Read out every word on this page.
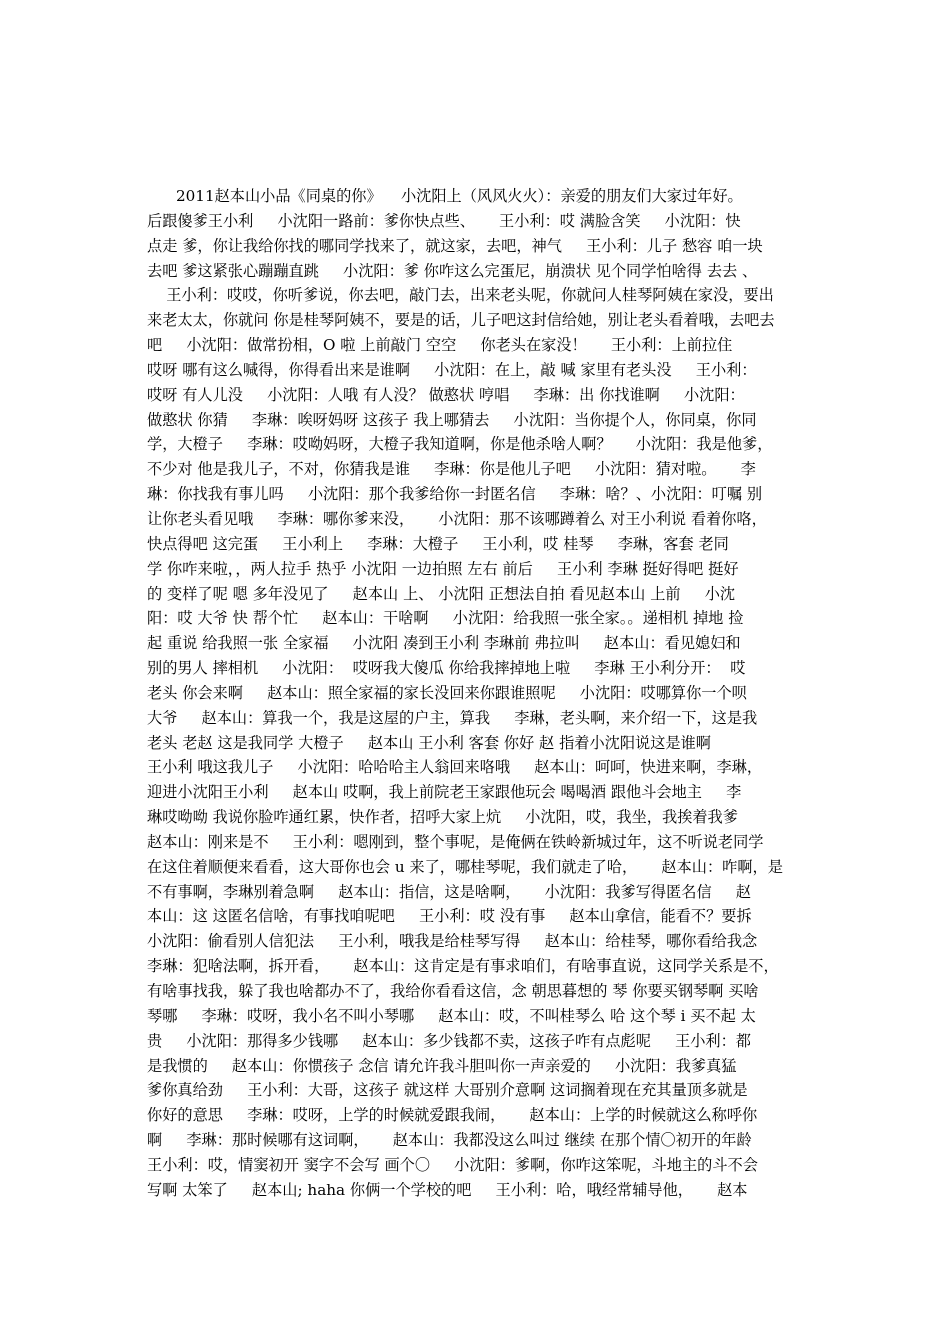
2011赵本山小品《同桌的你》    小沈阳上（风风火火）：亲爱的朋友们大家过年好。
后跟傻爹王小利     小沈阳一路前：爹你快点些、     王小利：哎 满脸含笑     小沈阳：快
点走 爹，你让我给你找的哪同学找来了，就这家，去吧，神气     王小利：儿子 愁容 咱一块
去吧 爹这紧张心蹦蹦直跳     小沈阳：爹 你咋这么完蛋尼，崩溃状 见个同学怕啥得 去去 、
王小利：哎哎，你听爹说，你去吧，敲门去，出来老头呢，你就问人桂琴阿姨在家没，要出
来老太太，你就问 你是桂琴阿姨不，要是的话，儿子吧这封信给她，别让老头看着哦，去吧去
吧     小沈阳：做常扮相，O 啦 上前敲门 空空     你老头在家没！     王小利：上前拉住
哎呀 哪有这么喊得，你得看出来是谁啊     小沈阳：在上，敲 喊 家里有老头没     王小利：
哎呀 有人儿没     小沈阳：人哦 有人没？ 做憨状 哼唱     李琳：出 你找谁啊     小沈阳：
做憨状 你猜     李琳：唉呀妈呀 这孩子 我上哪猜去     小沈阳：当你提个人，你同桌，你同
学，大橙子     李琳：哎呦妈呀，大橙子我知道啊，你是他杀啥人啊？     小沈阳：我是他爹，
不少对 他是我儿子，不对，你猜我是谁     李琳：你是他儿子吧     小沈阳：猜对啦。     李
琳：你找我有事儿吗     小沈阳：那个我爹给你一封匿名信     李琳：啥？、小沈阳：叮嘱 别
让你老头看见哦     李琳：哪你爹来没，     小沈阳：那不该哪蹲着么 对王小利说 看着你咯，
快点得吧 这完蛋     王小利上     李琳：大橙子     王小利，哎 桂琴     李琳，客套 老同
学 你咋来啦，，两人拉手 热乎 小沈阳 一边拍照 左右 前后     王小利 李琳 挺好得吧 挺好
的 变样了呢 嗯 多年没见了     赵本山 上、 小沈阳 正想法自拍 看见赵本山 上前     小沈
阳：哎 大爷 快 帮个忙     赵本山：干啥啊     小沈阳：给我照一张全家。。递相机 掉地 捡
起 重说 给我照一张 全家福     小沈阳 凑到王小利 李琳前 弗拉叫     赵本山：看见媳妇和
别的男人 摔相机     小沈阳：  哎呀我大傻瓜 你给我摔掉地上啦     李琳 王小利分开：  哎
老头 你会来啊     赵本山：照全家福的家长没回来你跟谁照呢     小沈阳：哎哪算你一个呗
大爷     赵本山：算我一个，我是这屋的户主，算我     李琳，老头啊，来介绍一下，这是我
老头 老赵 这是我同学 大橙子     赵本山 王小利 客套 你好 赵 指着小沈阳说这是谁啊
王小利 哦这我儿子     小沈阳：哈哈哈主人翁回来咯哦     赵本山：呵呵，快进来啊，李琳，
迎进小沈阳王小利     赵本山 哎啊，我上前院老王家跟他玩会 喝喝酒 跟他斗会地主     李
琳哎呦呦 我说你脸咋通红累，快作者，招呼大家上炕     小沈阳，哎，我坐，我挨着我爹
赵本山：刚来是不     王小利：嗯刚到，整个事呢，是俺俩在铁岭新城过年，这不听说老同学
在这住着顺便来看看，这大哥你也会 u 来了，哪桂琴呢，我们就走了哈，     赵本山：咋啊，是
不有事啊，李琳别着急啊     赵本山：指信，这是啥啊，     小沈阳：我爹写得匿名信     赵
本山：这 这匿名信啥，有事找咱呢吧     王小利：哎 没有事     赵本山拿信，能看不？要拆
小沈阳：偷看别人信犯法     王小利，哦我是给桂琴写得     赵本山：给桂琴，哪你看给我念
李琳：犯啥法啊，拆开看，     赵本山：这肯定是有事求咱们，有啥事直说，这同学关系是不，
有啥事找我，躲了我也啥都办不了，我给你看看这信，念 朝思暮想的 琴 你要买钢琴啊 买啥
琴哪     李琳：哎呀，我小名不叫小琴哪     赵本山：哎，不叫桂琴么 哈 这个琴 i 买不起 太
贵     小沈阳：那得多少钱哪     赵本山：多少钱都不卖，这孩子咋有点彪呢     王小利：都
是我惯的     赵本山：你惯孩子 念信 请允许我斗胆叫你一声亲爱的     小沈阳：我爹真猛
爹你真给劲     王小利：大哥，这孩子 就这样 大哥别介意啊 这词搁着现在充其量顶多就是
你好的意思     李琳：哎呀，上学的时候就爱跟我闹，     赵本山：上学的时候就这么称呼你
啊     李琳：那时候哪有这词啊，     赵本山：我都没这么叫过 继续 在那个情〇初开的年龄
王小利：哎，情窦初开 窦字不会写 画个〇     小沈阳：爹啊，你咋这笨呢，斗地主的斗不会
写啊 太笨了     赵本山; haha 你俩一个学校的吧     王小利：哈，哦经常辅导他，     赵本
